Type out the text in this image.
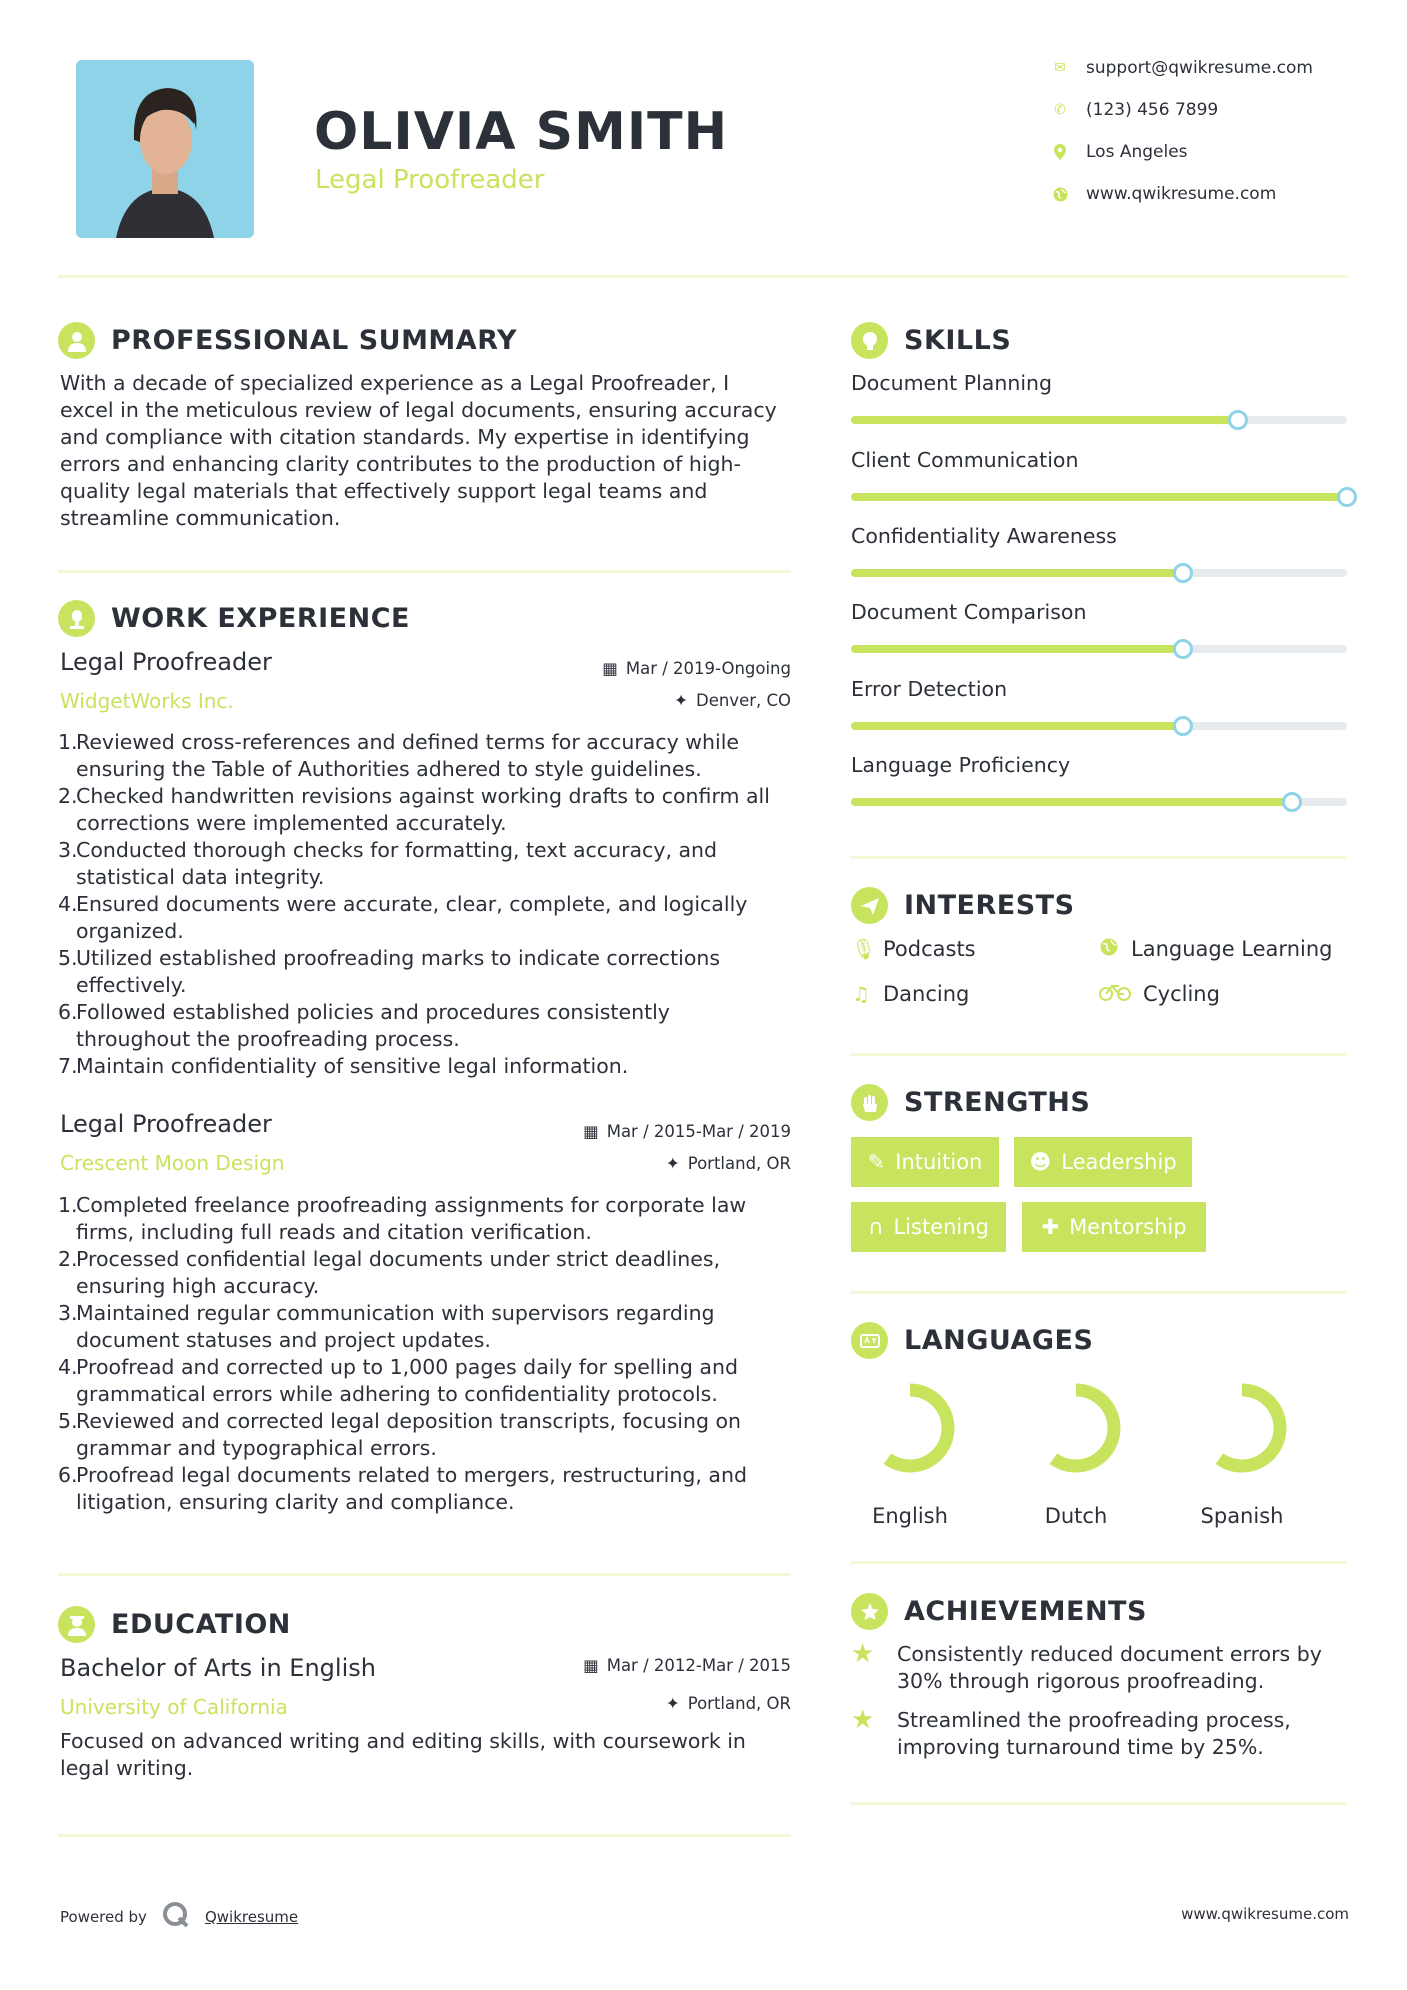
OLIVIA SMITH
Legal Proofreader
✉ support@qwikresume.com
✆ (123) 456 7899
Los Angeles
www.qwikresume.com
PROFESSIONAL SUMMARY
With a decade of specialized experience as a Legal Proofreader, I
excel in the meticulous review of legal documents, ensuring accuracy
and compliance with citation standards. My expertise in identifying
errors and enhancing clarity contributes to the production of high-
quality legal materials that effectively support legal teams and
streamline communication.
WORK EXPERIENCE
Legal Proofreader
WidgetWorks Inc.
▦ Mar / 2019-Ongoing
✦ Denver, CO
1.
Reviewed cross-references and defined terms for accuracy while
ensuring the Table of Authorities adhered to style guidelines.
2.
Checked handwritten revisions against working drafts to confirm all
corrections were implemented accurately.
3.
Conducted thorough checks for formatting, text accuracy, and
statistical data integrity.
4.
Ensured documents were accurate, clear, complete, and logically
organized.
5.
Utilized established proofreading marks to indicate corrections
effectively.
6.
Followed established policies and procedures consistently
throughout the proofreading process.
7.
Maintain confidentiality of sensitive legal information.
Legal Proofreader
Crescent Moon Design
▦ Mar / 2015-Mar / 2019
✦ Portland, OR
1.
Completed freelance proofreading assignments for corporate law
firms, including full reads and citation verification.
2.
Processed confidential legal documents under strict deadlines,
ensuring high accuracy.
3.
Maintained regular communication with supervisors regarding
document statuses and project updates.
4.
Proofread and corrected up to 1,000 pages daily for spelling and
grammatical errors while adhering to confidentiality protocols.
5.
Reviewed and corrected legal deposition transcripts, focusing on
grammar and typographical errors.
6.
Proofread legal documents related to mergers, restructuring, and
litigation, ensuring clarity and compliance.
EDUCATION
Bachelor of Arts in English
University of California
▦ Mar / 2012-Mar / 2015
✦ Portland, OR
Focused on advanced writing and editing skills, with coursework in
legal writing.
SKILLS
Document Planning
Client Communication
Confidentiality Awareness
Document Comparison
Error Detection
Language Proficiency
INTERESTS
🎙 Podcasts	Language Learning
♫ Dancing	Cycling
STRENGTHS
✎ Intuition ☻ Leadership
∩ Listening	✚ Mentorship
LANGUAGES
English	Dutch	Spanish
ACHIEVEMENTS
★	Consistently reduced document errors by
30% through rigorous proofreading.
★	Streamlined the proofreading process,
improving turnaround time by 25%.
Powered by	Qwikresume	www.qwikresume.com
